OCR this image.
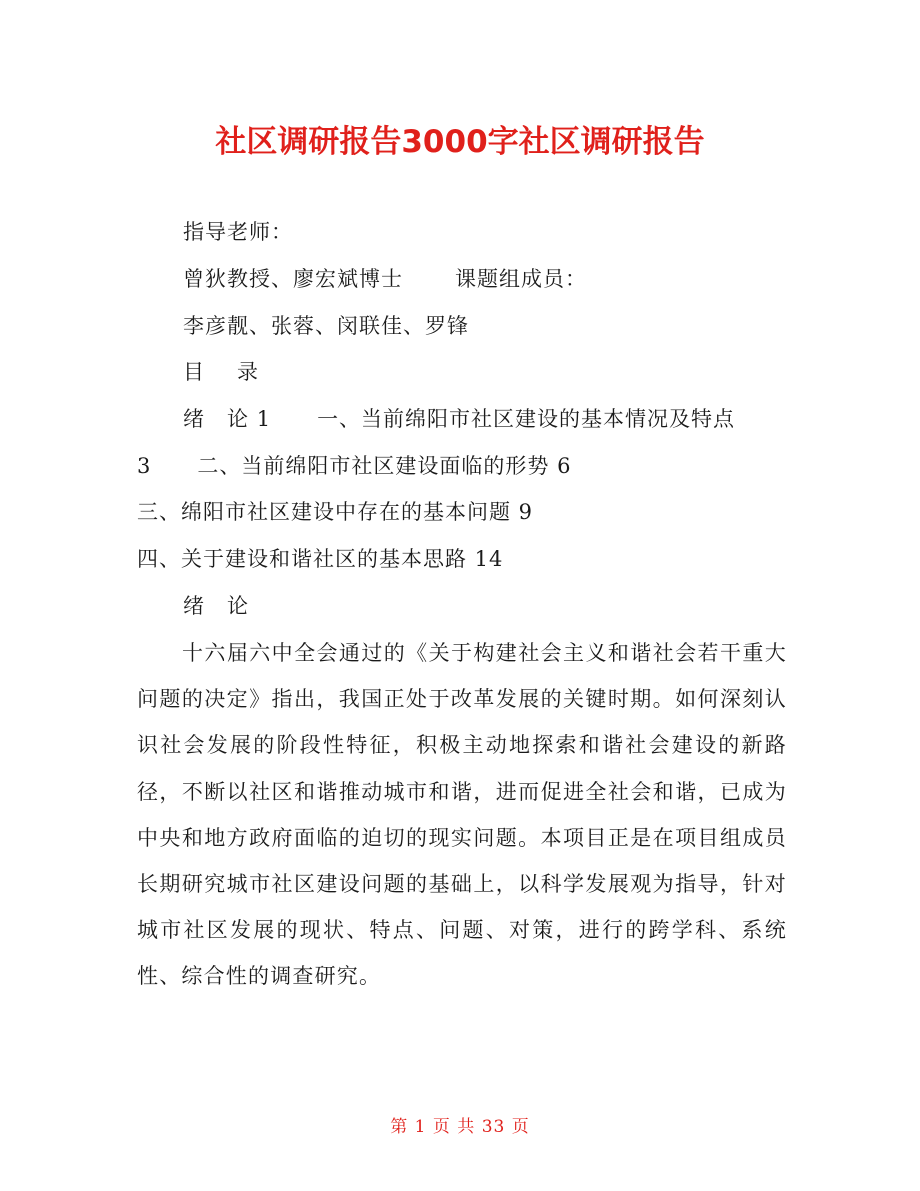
社区调研报告3000字社区调研报告
指导老师：
曾狄教授、廖宏斌博士 课题组成员：
李彦靓、张蓉、闵联佳、罗锋
目　录
绪　论 1 一、当前绵阳市社区建设的基本情况及特点
3 二、当前绵阳市社区建设面临的形势 6
三、绵阳市社区建设中存在的基本问题 9
四、关于建设和谐社区的基本思路 14
绪　论

十六届六中全会通过的《关于构建社会主义和谐社会若干重大问题的决定》指出，我国正处于改革发展的关键时期。如何深刻认识社会发展的阶段性特征，积极主动地探索和谐社会建设的新路径，不断以社区和谐推动城市和谐，进而促进全社会和谐，已成为中央和地方政府面临的迫切的现实问题。本项目正是在项目组成员长期研究城市社区建设问题的基础上，以科学发展观为指导，针对城市社区发展的现状、特点、问题、对策，进行的跨学科、系统性、综合性的调查研究。

第 1 页 共 33 页
